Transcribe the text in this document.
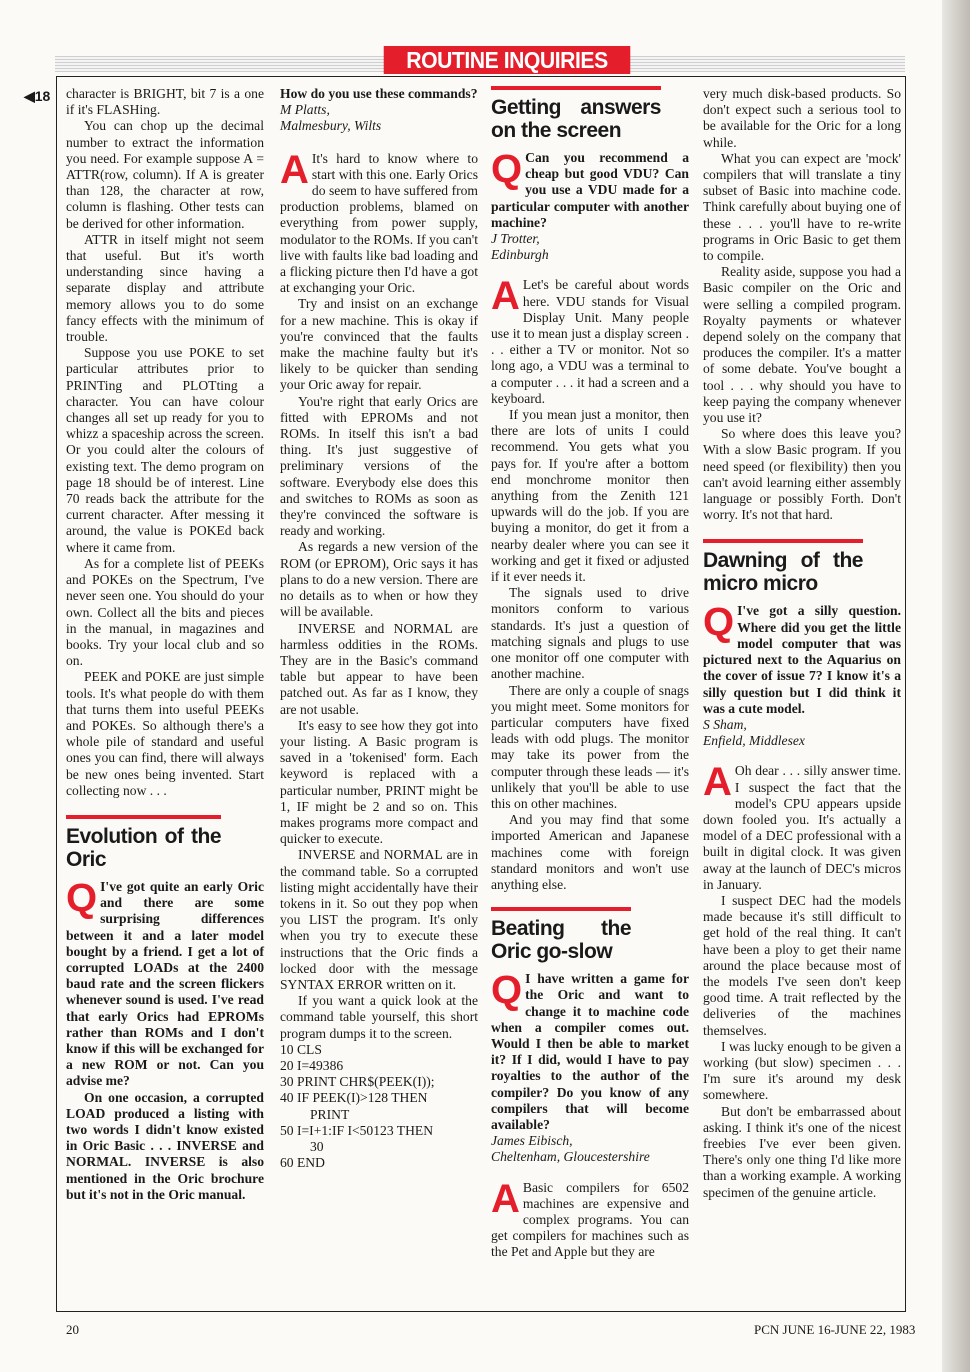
ROUTINE INQUIRIES
◀18 character is BRIGHT, bit 7 is a one if it's FLASHing.

You can chop up the decimal number to extract the information you need. For example suppose A = ATTR(row, column). If A is greater than 128, the character at row, column is flashing. Other tests can be derived for other information.

ATTR in itself might not seem that useful. But it's worth understanding since having a separate display and attribute memory allows you to do some fancy effects with the minimum of trouble.

Suppose you use POKE to set particular attributes prior to PRINTing and PLOTting a character. You can have colour changes all set up ready for you to whizz a spaceship across the screen. Or you could alter the colours of existing text. The demo program on page 18 should be of interest. Line 70 reads back the attribute for the current character. After messing it around, the value is POKEd back where it came from.

As for a complete list of PEEKs and POKEs on the Spectrum, I've never seen one. You should do your own. Collect all the bits and pieces in the manual, in magazines and books. Try your local club and so on.

PEEK and POKE are just simple tools. It's what people do with them that turns them into useful PEEKs and POKEs. So although there's a whole pile of standard and useful ones you can find, there will always be new ones being invented. Start collecting now . . .

Evolution of the Oric

Q I've got quite an early Oric and there are some surprising differences between it and a later model bought by a friend. I get a lot of corrupted LOADs at the 2400 baud rate and the screen flickers whenever sound is used. I've read that early Orics had EPROMs rather than ROMs and I don't know if this will be exchanged for a new ROM or not. Can you advise me?

On one occasion, a corrupted LOAD produced a listing with two words I didn't know existed in Oric Basic . . . INVERSE and NORMAL. INVERSE is also mentioned in the Oric brochure but it's not in the Oric manual.

How do you use these commands?

M Platts,

Malmesbury, Wilts

A It's hard to know where to start with this one. Early Orics do seem to have suffered from production problems, blamed on everything from power supply, modulator to the ROMs. If you can't live with faults like bad loading and a flicking picture then I'd have a got at exchanging your Oric.

Try and insist on an exchange for a new machine. This is okay if you're convinced that the faults make the machine faulty but it's likely to be quicker than sending your Oric away for repair.

You're right that early Orics are fitted with EPROMs and not ROMs. In itself this isn't a bad thing. It's just suggestive of preliminary versions of the software. Everybody else does this and switches to ROMs as soon as they're convinced the software is ready and working.

As regards a new version of the ROM (or EPROM), Oric says it has plans to do a new version. There are no details as to when or how they will be available.

INVERSE and NORMAL are harmless oddities in the ROMs. They are in the Basic's command table but appear to have been patched out. As far as I know, they are not usable.

It's easy to see how they got into your listing. A Basic program is saved in a 'tokenised' form. Each keyword is replaced with a particular number, PRINT might be 1, IF might be 2 and so on. This makes programs more compact and quicker to execute.

INVERSE and NORMAL are in the command table. So a corrupted listing might accidentally have their tokens in it. So out they pop when you LIST the program. It's only when you try to execute these instructions that the Oric finds a locked door with the message SYNTAX ERROR written on it.

If you want a quick look at the command table yourself, this short program dumps it to the screen.

10 CLS

20 I=49386

30 PRINT CHR$(PEEK(I));

40 IF PEEK(I)>128 THEN

PRINT

50 I=I+1:IF I<50123 THEN

30

60 END

Getting answers on the screen

Q Can you recommend a cheap but good VDU? Can you use a VDU made for a particular computer with another machine?

J Trotter,

Edinburgh

A Let's be careful about words here. VDU stands for Visual Display Unit. Many people use it to mean just a display screen . . . either a TV or monitor. Not so long ago, a VDU was a terminal to a computer . . . it had a screen and a keyboard.

If you mean just a monitor, then there are lots of units I could recommend. You gets what you pays for. If you're after a bottom end monchrome monitor then anything from the Zenith 121 upwards will do the job. If you are buying a monitor, do get it from a nearby dealer where you can see it working and get it fixed or adjusted if it ever needs it.

The signals used to drive monitors conform to various standards. It's just a question of matching signals and plugs to use one monitor off one computer with another machine.

There are only a couple of snags you might meet. Some monitors for particular computers have fixed leads with odd plugs. The monitor may take its power from the computer through these leads — it's unlikely that you'll be able to use this on other machines.

And you may find that some imported American and Japanese machines come with foreign standard monitors and won't use anything else.

Beating the Oric go-slow

Q I have written a game for the Oric and want to change it to machine code when a compiler comes out. Would I then be able to market it? If I did, would I have to pay royalties to the author of the compiler? Do you know of any compilers that will become available?

James Eibisch,

Cheltenham, Gloucestershire

A Basic compilers for 6502 machines are expensive and complex programs. You can get compilers for machines such as the Pet and Apple but they are

very much disk-based products. So don't expect such a serious tool to be available for the Oric for a long while.

What you can expect are 'mock' compilers that will translate a tiny subset of Basic into machine code. Think carefully about buying one of these . . . you'll have to re-write programs in Oric Basic to get them to compile.

Reality aside, suppose you had a Basic compiler on the Oric and were selling a compiled program. Royalty payments or whatever depend solely on the company that produces the compiler. It's a matter of some debate. You've bought a tool . . . why should you have to keep paying the company whenever you use it?

So where does this leave you? With a slow Basic program. If you need speed (or flexibility) then you can't avoid learning either assembly language or possibly Forth. Don't worry. It's not that hard.

Dawning of the micro micro

Q I've got a silly question. Where did you get the little model computer that was pictured next to the Aquarius on the cover of issue 7? I know it's a silly question but I did think it was a cute model.

S Sham,

Enfield, Middlesex

A Oh dear . . . silly answer time. I suspect the fact that the model's CPU appears upside down fooled you. It's actually a model of a DEC professional with a built in digital clock. It was given away at the launch of DEC's micros in January.

I suspect DEC had the models made because it's still difficult to get hold of the real thing. It can't have been a ploy to get their name around the place because most of the models I've seen don't keep good time. A trait reflected by the deliveries of the machines themselves.

I was lucky enough to be given a working (but slow) specimen . . . I'm sure it's around my desk somewhere.

But don't be embarrassed about asking. I think it's one of the nicest freebies I've ever been given. There's only one thing I'd like more than a working example. A working specimen of the genuine article.

20	PCN JUNE 16-JUNE 22, 1983
